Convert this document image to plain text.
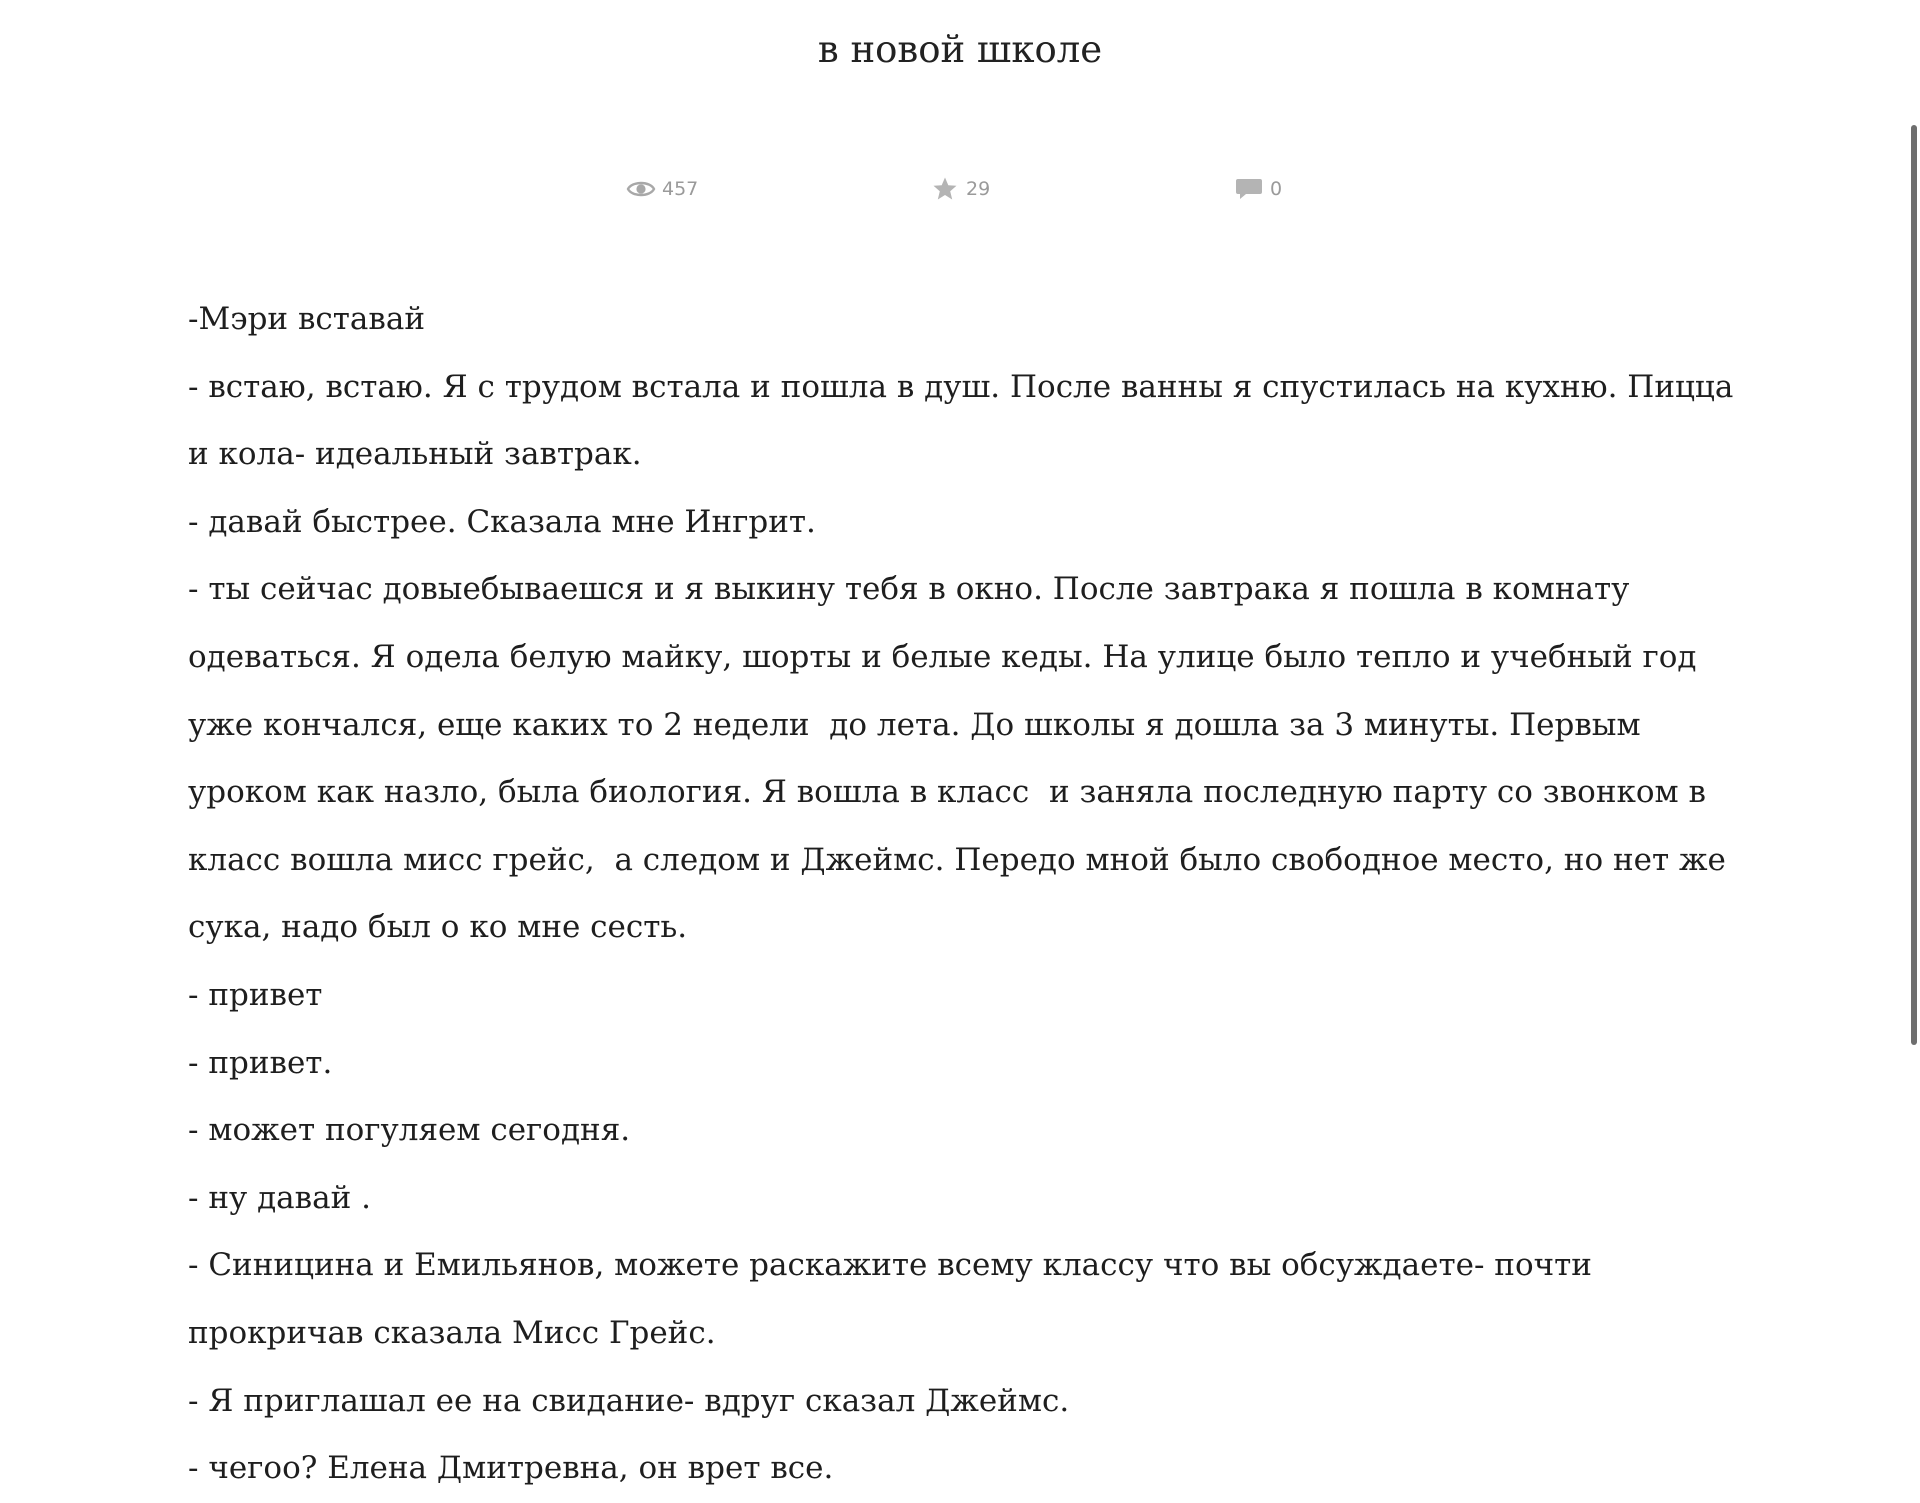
в новой школе
457	29	0

-Мэри вставай

- встаю, встаю. Я с трудом встала и пошла в душ. После ванны я спустилась на кухню. Пицца и кола- идеальный завтрак.

- давай быстрее. Сказала мне Ингрит.

- ты сейчас довыебываешся и я выкину тебя в окно. После завтрака я пошла в комнату одеваться. Я одела белую майку, шорты и белые кеды. На улице было тепло и учебный год уже кончался, еще каких то 2 недели  до лета. До школы я дошла за 3 минуты. Первым уроком как назло, была биология. Я вошла в класс  и заняла последную парту со звонком в класс вошла мисс грейс,  а следом и Джеймс. Передо мной было свободное место, но нет же сука, надо был о ко мне сесть.

- привет

- привет.

- может погуляем сегодня.

- ну давай .

- Синицина и Емильянов, можете раскажите всему классу что вы обсуждаете- почти прокричав сказала Мисс Грейс.

- Я приглашал ее на свидание- вдруг сказал Джеймс.

- чегоо? Елена Дмитревна, он врет все.
